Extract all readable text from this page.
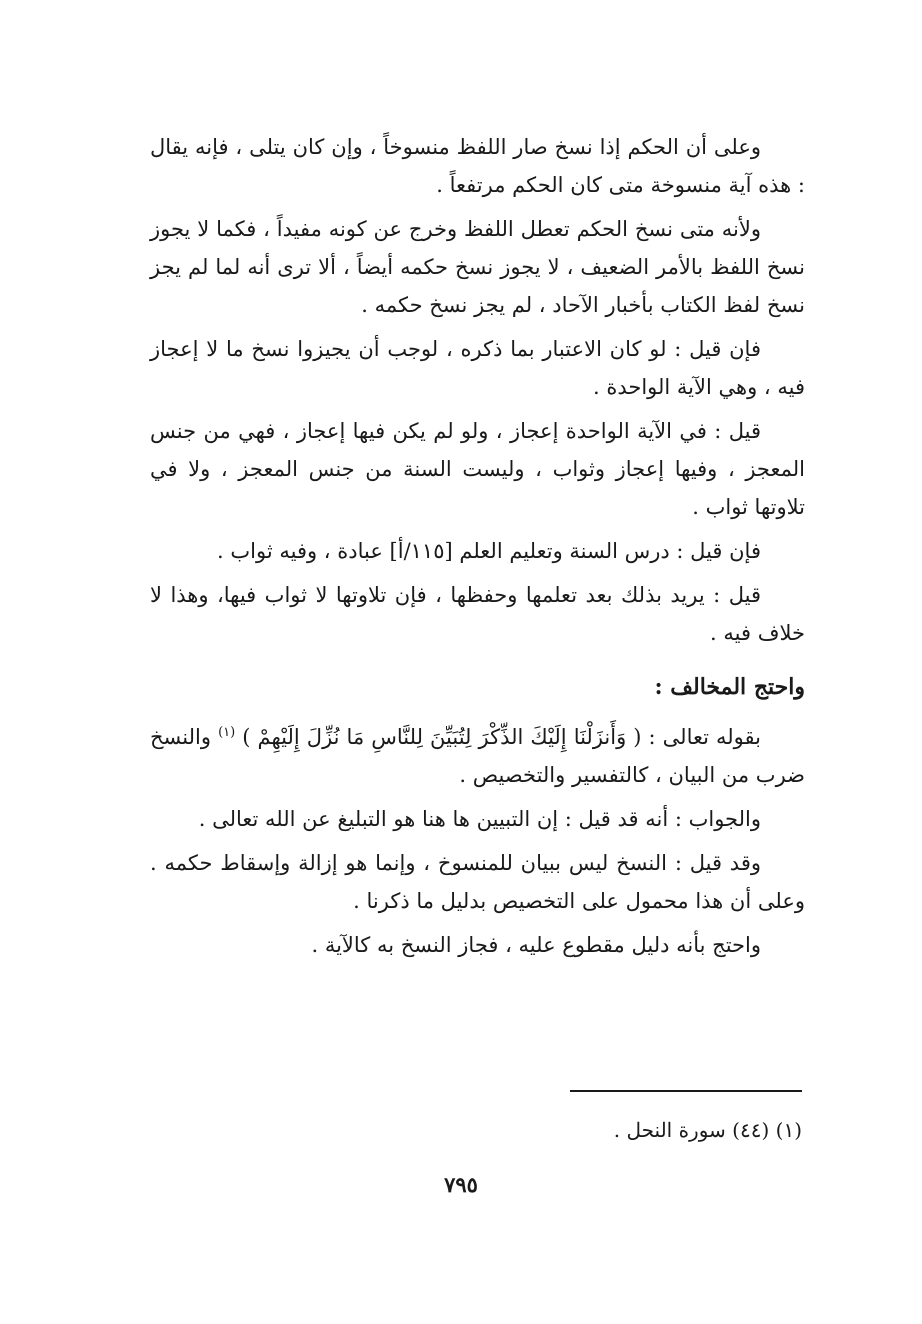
وعلى أن الحكم إذا نسخ صار اللفظ منسوخاً ، وإن كان يتلى ، فإنه يقال : هذه آية منسوخة متى كان الحكم مرتفعاً .

ولأنه متى نسخ الحكم تعطل اللفظ وخرج عن كونه مفيداً ، فكما لا يجوز نسخ اللفظ بالأمر الضعيف ، لا يجوز نسخ حكمه أيضاً ، ألا ترى أنه لما لم يجز نسخ لفظ الكتاب بأخبار الآحاد ، لم يجز نسخ حكمه .

فإن قيل : لو كان الاعتبار بما ذكره ، لوجب أن يجيزوا نسخ ما لا إعجاز فيه ، وهي الآية الواحدة .

قيل : في الآية الواحدة إعجاز ، ولو لم يكن فيها إعجاز ، فهي من جنس المعجز ، وفيها إعجاز وثواب ، وليست السنة من جنس المعجز ، ولا في تلاوتها ثواب .

فإن قيل : درس السنة وتعليم العلم [١١٥/أ] عبادة ، وفيه ثواب .

قيل : يريد بذلك بعد تعلمها وحفظها ، فإن تلاوتها لا ثواب فيها، وهذا لا خلاف فيه .

واحتج المخالف :

بقوله تعالى : ( وَأَنزَلْنَا إِلَيْكَ الذِّكْرَ لِتُبَيِّنَ لِلنَّاسِ مَا نُزِّلَ إِلَيْهِمْ ) $^{(١)}$ والنسخ ضرب من البيان ، كالتفسير والتخصيص .

والجواب : أنه قد قيل : إن التبيين ها هنا هو التبليغ عن الله تعالى .

وقد قيل : النسخ ليس ببيان للمنسوخ ، وإنما هو إزالة وإسقاط حكمه . وعلى أن هذا محمول على التخصيص بدليل ما ذكرنا .

واحتج بأنه دليل مقطوع عليه ، فجاز النسخ به كالآية .

(١) (٤٤) سورة النحل .
٧٩٥
